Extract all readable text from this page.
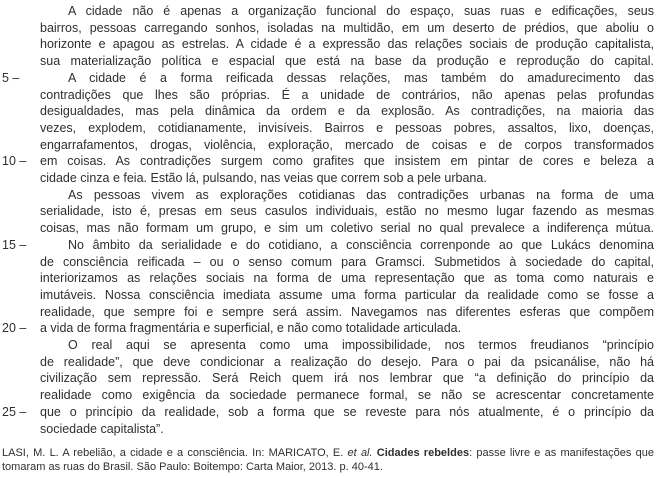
A cidade não é apenas a organização funcional do espaço, suas ruas e edificações, seus
bairros, pessoas carregando sonhos, isoladas na multidão, em um deserto de prédios, que aboliu o
horizonte e apagou as estrelas. A cidade é a expressão das relações sociais de produção capitalista,
sua materialização política e espacial que está na base da produção e reprodução do capital.
5 –	A cidade é a forma reificada dessas relações, mas também do amadurecimento das
contradições que lhes são próprias. É a unidade de contrários, não apenas pelas profundas
desigualdades, mas pela dinâmica da ordem e da explosão. As contradições, na maioria das
vezes, explodem, cotidianamente, invisíveis. Bairros e pessoas pobres, assaltos, lixo, doenças,
engarrafamentos, drogas, violência, exploração, mercado de coisas e de corpos transformados
10 –	em coisas. As contradições surgem como grafites que insistem em pintar de cores e beleza a
cidade cinza e feia. Estão lá, pulsando, nas veias que correm sob a pele urbana.
As pessoas vivem as explorações cotidianas das contradições urbanas na forma de uma
serialidade, isto é, presas em seus casulos individuais, estão no mesmo lugar fazendo as mesmas
coisas, mas não formam um grupo, e sim um coletivo serial no qual prevalece a indiferença mútua.
15 –	No âmbito da serialidade e do cotidiano, a consciência correnponde ao que Lukács denomina
de consciência reificada – ou o senso comum para Gramsci. Submetidos à sociedade do capital,
interiorizamos as relações sociais na forma de uma representação que as toma como naturais e
imutáveis. Nossa consciência imediata assume uma forma particular da realidade como se fosse a
realidade, que sempre foi e sempre será assim. Navegamos nas diferentes esferas que compõem
20 –	a vida de forma fragmentária e superficial, e não como totalidade articulada.
O real aqui se apresenta como uma impossibilidade, nos termos freudianos “princípio
de realidade”, que deve condicionar a realização do desejo. Para o pai da psicanálise, não há
civilização sem repressão. Será Reich quem irá nos lembrar que “a definição do princípio da
realidade como exigência da sociedade permanece formal, se não se acrescentar concretamente
25 –	que o princípio da realidade, sob a forma que se reveste para nós atualmente, é o princípio da
sociedade capitalista”.

LASI, M. L. A rebelião, a cidade e a consciência. In: MARICATO, E. et al. Cidades rebeldes: passe livre e as manifestações que tomaram as ruas do Brasil. São Paulo: Boitempo: Carta Maior, 2013. p. 40-41.
